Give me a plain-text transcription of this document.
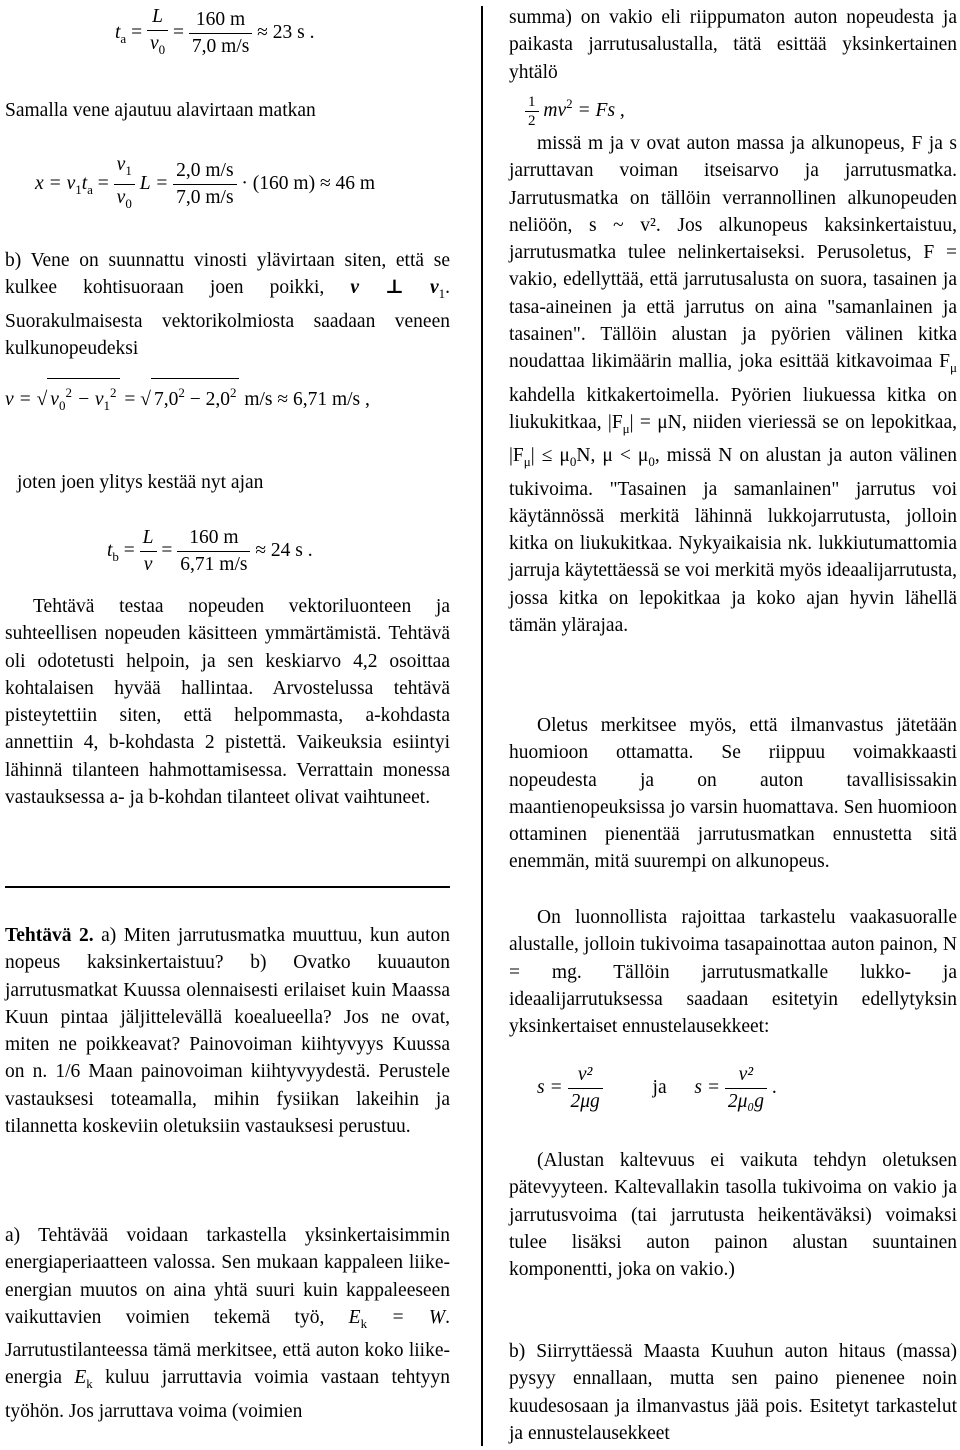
$t_a = \frac{L}{v_0} = \frac{160 m}{7,0 m/s} \approx 23$ s .

Samalla vene ajautuu alavirtaan matkan

$x = v_1t_a = \frac{v_1}{v_0}$ $L = \frac{2,0 m/s}{7,0 m/s} \cdot (160$ m) ≈ 46 m

b) Vene on suunnattu vinosti ylävirtaan siten, että se kulkee kohtisuoraan joen poikki, v ⊥ $v_1$. Suorakulmaisesta vektorikolmiosta saadaan veneen kulkunopeudeksi

v = √ $v_0^2 - v_1^2$ = √ $7,0^2 - 2,0^2$ m/s ≈ 6,71 m/s ,

joten joen ylitys kestää nyt ajan

$t_b = \frac{L}{v} = \frac{160 m}{6,71 m/s} \approx 24$ s .

Tehtävä testaa nopeuden vektoriluonteen ja suhteellisen nopeuden käsitteen ymmärtämistä. Tehtävä oli odotetusti helpoin, ja sen keskiarvo 4,2 osoittaa kohtalaisen hyvää hallintaa. Arvostelussa tehtävä pisteytettiin siten, että helpommasta, a-kohdasta annettiin 4, b-kohdasta 2 pistettä. Vaikeuksia esiintyi lähinnä tilanteen hahmottamisessa. Verrattain monessa vastauksessa a- ja b-kohdan tilanteet olivat vaihtuneet.

Tehtävä 2. a) Miten jarrutusmatka muuttuu, kun auton nopeus kaksinkertaistuu? b) Ovatko kuuauton jarrutusmatkat Kuussa olennaisesti erilaiset kuin Maassa Kuun pintaa jäljittelevällä koealueella? Jos ne ovat, miten ne poikkeavat? Painovoiman kiihtyvyys Kuussa on n. 1/6 Maan painovoiman kiihtyvyydestä. Perustele vastauksesi toteamalla, mihin fysiikan lakeihin ja tilannetta koskeviin oletuksiin vastauksesi perustuu.

a) Tehtävää voidaan tarkastella yksinkertaisimmin energiaperiaatteen valossa. Sen mukaan kappaleen liike-energian muutos on aina yhtä suuri kuin kappaleeseen vaikuttavien voimien tekemä työ, $E_k = W$. Jarrutustilanteessa tämä merkitsee, että auton koko liike-energia $E_k$ kuluu jarruttavia voimia vastaan tehtyyn työhön. Jos jarruttava voima (voimien

summa) on vakio eli riippumaton auton nopeudesta ja paikasta jarrutusalustalla, tätä esittää yksinkertainen yhtälö

$\frac{1}{2} mv^2 = Fs$ ,

missä m ja v ovat auton massa ja alkunopeus, F ja s jarruttavan voiman itseisarvo ja jarrutusmatka. Jarrutusmatka on tällöin verrannollinen alkunopeuden neliöön, s ~ v². Jos alkunopeus kaksinkertaistuu, jarrutusmatka tulee nelinkertaiseksi. Perusoletus, F = vakio, edellyttää, että jarrutusalusta on suora, tasainen ja tasa-aineinen ja että jarrutus on aina "samanlainen ja tasainen". Tällöin alustan ja pyörien välinen kitka noudattaa likimäärin mallia, joka esittää kitkavoimaa $F_\mu$ kahdella kitkakertoimella. Pyörien liukuessa kitka on liukukitkaa, $|F_\mu| = \mu N$, niiden vieriessä se on lepokitkaa, $|F_\mu| \le \mu_0N$, $\mu < \mu_0$, missä N on alustan ja auton välinen tukivoima. "Tasainen ja samanlainen" jarrutus voi käytännössä merkitä lähinnä lukkojarrutusta, jolloin kitka on liukukitkaa. Nykyaikaisia nk. lukkiutumattomia jarruja käytettäessä se voi merkitä myös ideaalijarrutusta, jossa kitka on lepokitkaa ja koko ajan hyvin lähellä tämän ylärajaa.

Oletus merkitsee myös, että ilmanvastus jätetään huomioon ottamatta. Se riippuu voimakkaasti nopeudesta ja on auton tavallisissakin maantienopeuksissa jo varsin huomattava. Sen huomioon ottaminen pienentää jarrutusmatkan ennustetta sitä enemmän, mitä suurempi on alkunopeus.

On luonnollista rajoittaa tarkastelu vaakasuoralle alustalle, jolloin tukivoima tasapainottaa auton painon, N = mg. Tällöin jarrutusmatkalle lukko- ja ideaalijarrutuksessa saadaan esitetyin edellytyksin yksinkertaiset ennustelausekkeet:

$s = \frac{\text{v²}}{2\mu g}$	ja $s = \frac{\text{v²}}{\text{2μ₀g}}$ .

(Alustan kaltevuus ei vaikuta tehdyn oletuksen pätevyyteen. Kaltevallakin tasolla tukivoima on vakio ja jarrutusvoima (tai jarrutusta heikentäväksi) voimaksi tulee lisäksi auton painon alustan suuntainen komponentti, joka on vakio.)

b) Siirryttäessä Maasta Kuuhun auton hitaus (massa) pysyy ennallaan, mutta sen paino pienenee noin kuudesosaan ja ilmanvastus jää pois. Esitetyt tarkastelut ja ennustelausekkeet
